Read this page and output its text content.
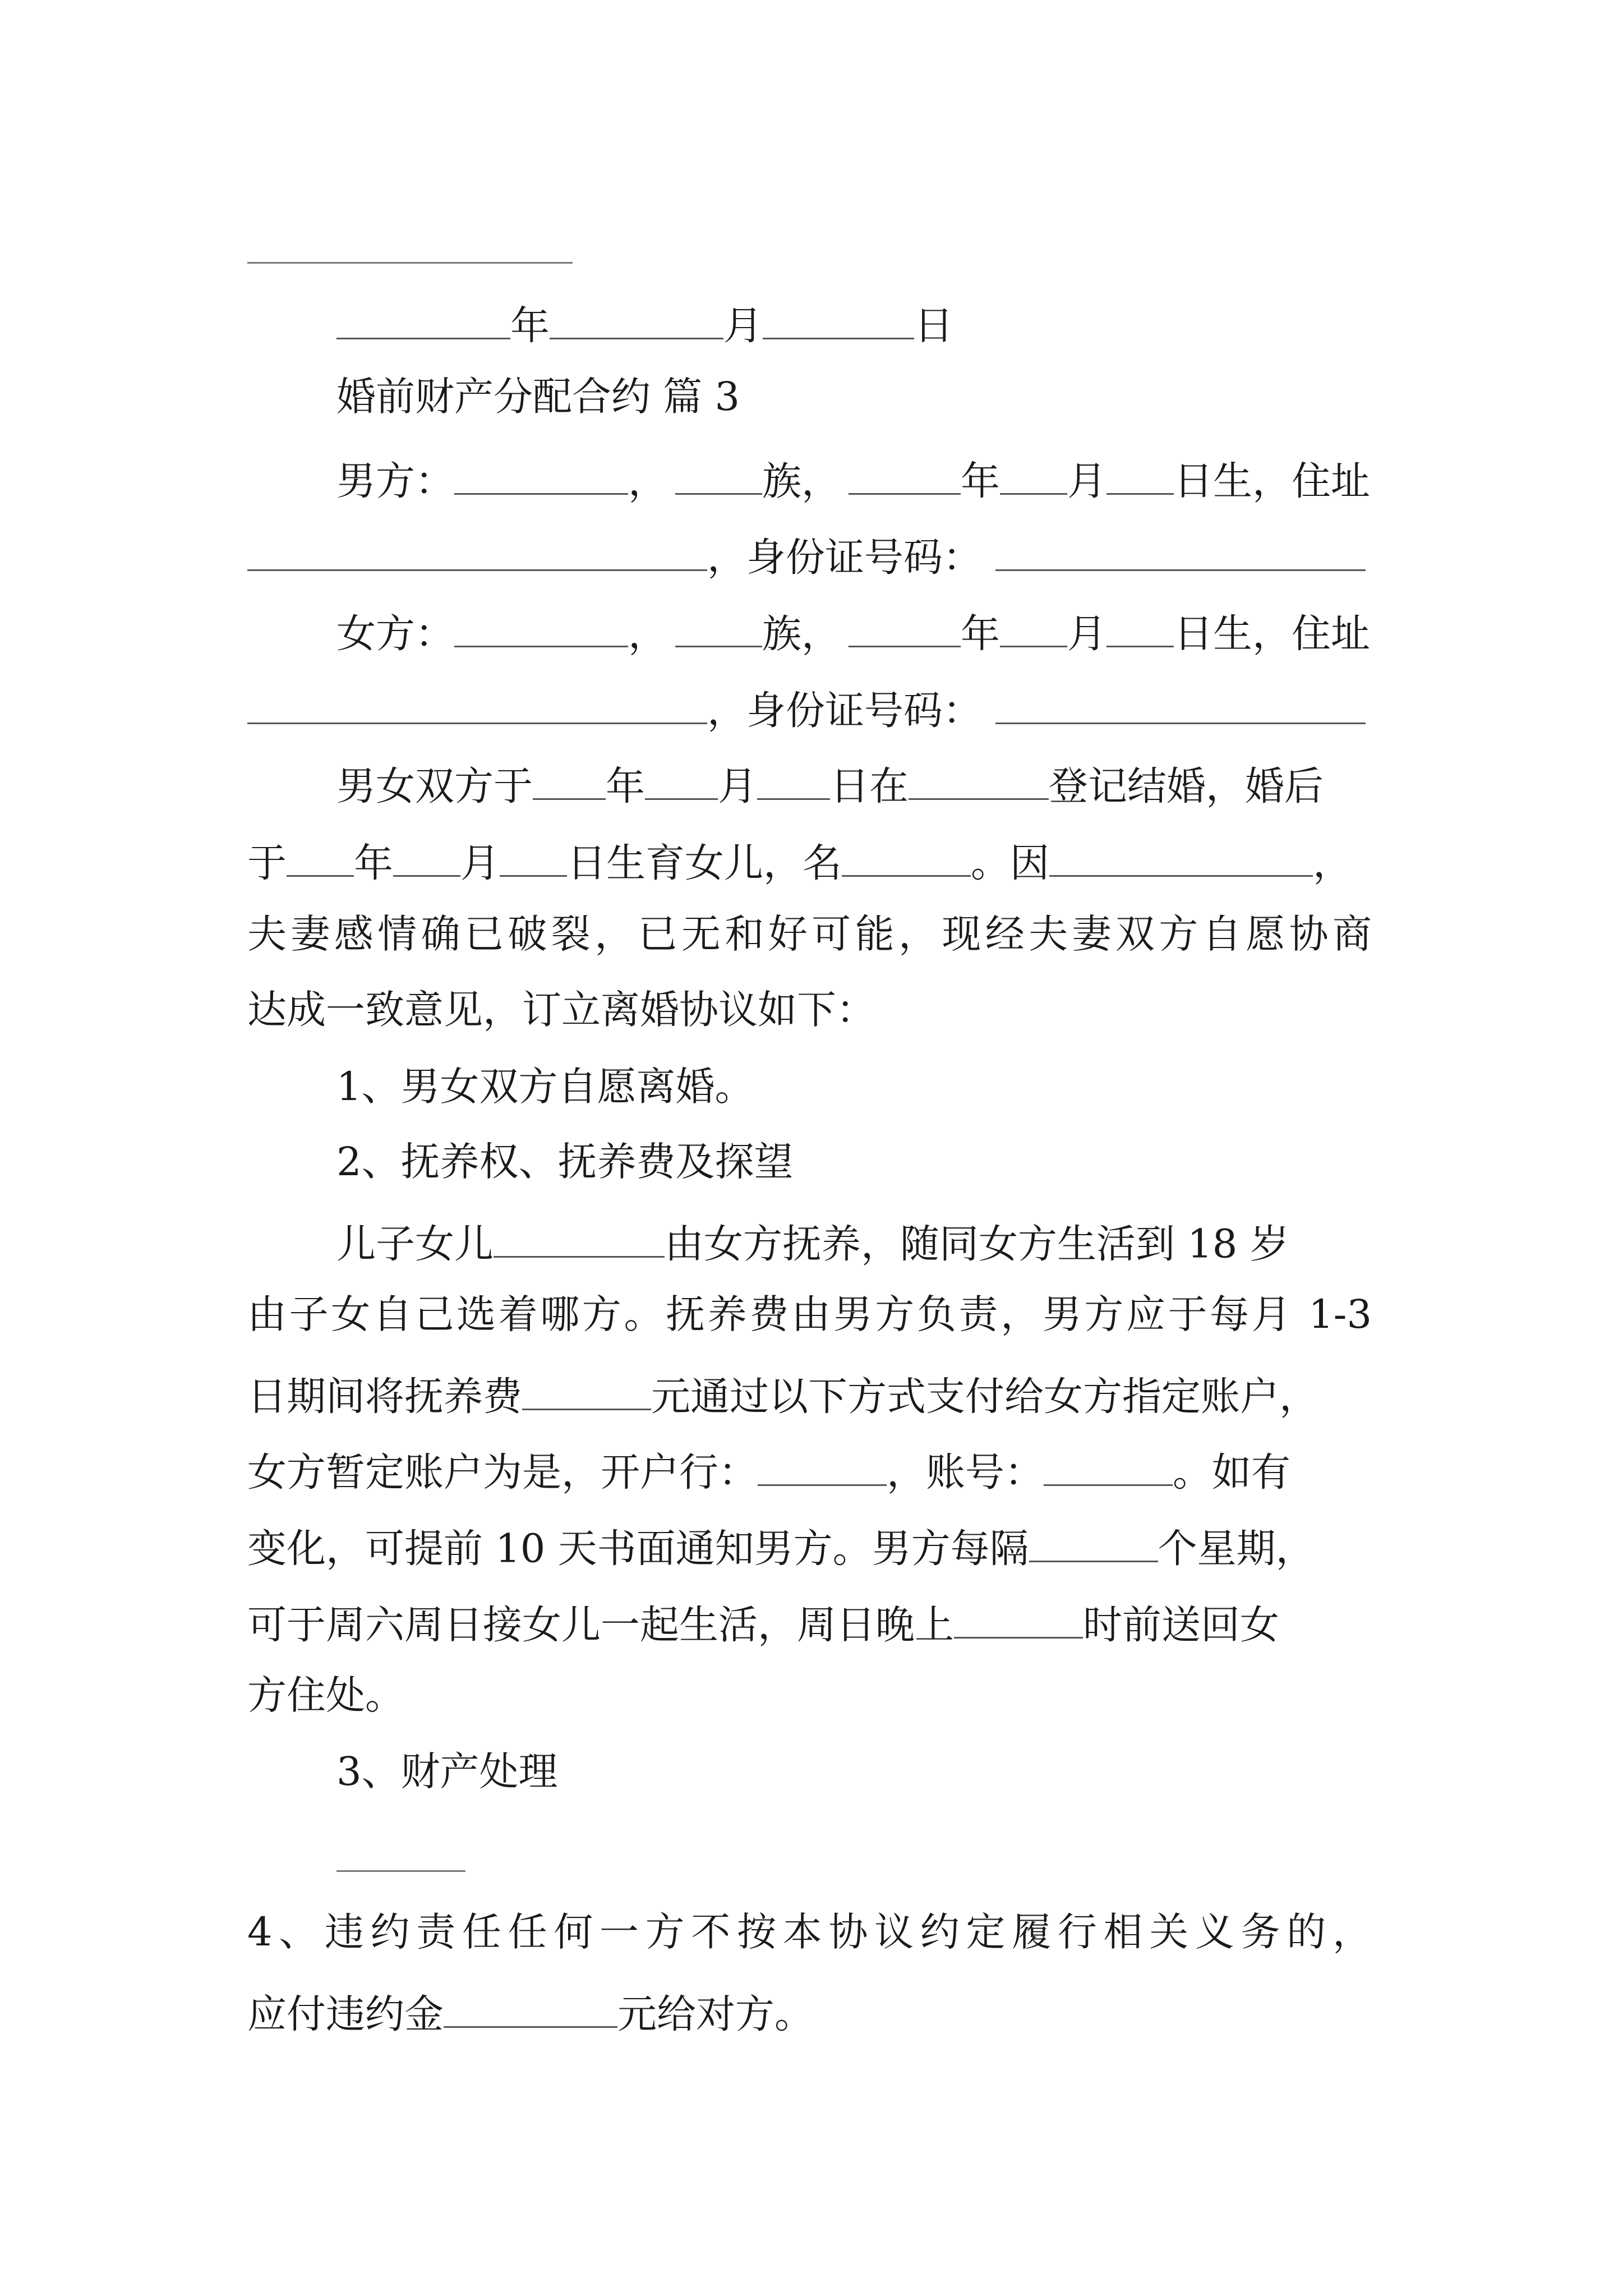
年	月	日
婚前财产分配合约 篇 3
男方：	， 族，	年 月 日生，住址
，身份证号码：
女方：	， 族，	年 月 日生，住址
，身份证号码：
男女双方于 年 月 日在	登记结婚，婚后
于 年 月 日生育女儿，名	。因	，
夫妻感情确已破裂，已无和好可能，现经夫妻双方自愿协商
达成一致意见，订立离婚协议如下：
1、男女双方自愿离婚。
2、抚养权、抚养费及探望
儿子女儿	由女方抚养，随同女方生活到 18 岁
由子女自己选着哪方。抚养费由男方负责，男方应于每月 1-3
日期间将抚养费	元通过以下方式支付给女方指定账户，
女方暂定账户为是，开户行：	，账号：	。如有
变化，可提前 10 天书面通知男方。男方每隔	个星期，
可于周六周日接女儿一起生活，周日晚上	时前送回女
方住处。
3、财产处理
4、违约责任任何一方不按本协议约定履行相关义务的，
应付违约金	元给对方。
